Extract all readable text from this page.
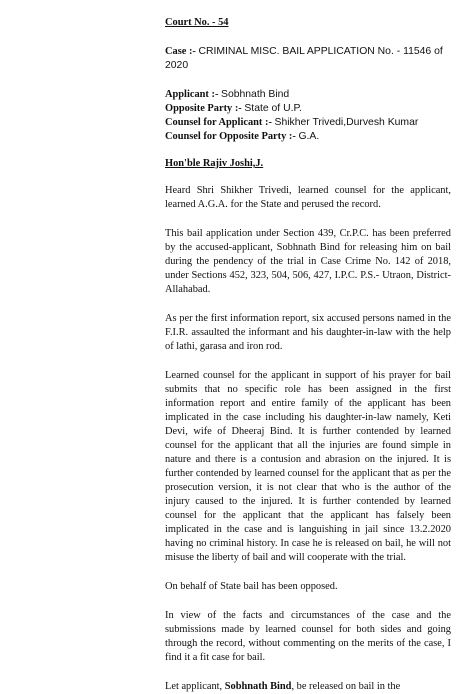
Court No. - 54
Case :- CRIMINAL MISC. BAIL APPLICATION No. - 11546 of 2020
Applicant :- Sobhnath Bind
Opposite Party :- State of U.P.
Counsel for Applicant :- Shikher Trivedi,Durvesh Kumar
Counsel for Opposite Party :- G.A.
Hon'ble Rajiv Joshi,J.

Heard Shri Shikher Trivedi, learned counsel for the applicant, learned A.G.A. for the State and perused the record.

This bail application under Section 439, Cr.P.C. has been preferred by the accused-applicant, Sobhnath Bind for releasing him on bail during the pendency of the trial in Case Crime No. 142 of 2018, under Sections 452, 323, 504, 506, 427, I.P.C. P.S.- Utraon, District- Allahabad.

As per the first information report, six accused persons named in the F.I.R. assaulted the informant and his daughter-in-law with the help of lathi, garasa and iron rod.

Learned counsel for the applicant in support of his prayer for bail submits that no specific role has been assigned in the first information report and entire family of the applicant has been implicated in the case including his daughter-in-law namely, Keti Devi, wife of Dheeraj Bind. It is further contended by learned counsel for the applicant that all the injuries are found simple in nature and there is a contusion and abrasion on the injured. It is further contended by learned counsel for the applicant that as per the prosecution version, it is not clear that who is the author of the injury caused to the injured. It is further contended by learned counsel for the applicant that the applicant has falsely been implicated in the case and is languishing in jail since 13.2.2020 having no criminal history. In case he is released on bail, he will not misuse the liberty of bail and will cooperate with the trial.

On behalf of State bail has been opposed.

In view of the facts and circumstances of the case and the submissions made by learned counsel for both sides and going through the record, without commenting on the merits of the case, I find it a fit case for bail.

Let applicant, Sobhnath Bind, be released on bail in the
